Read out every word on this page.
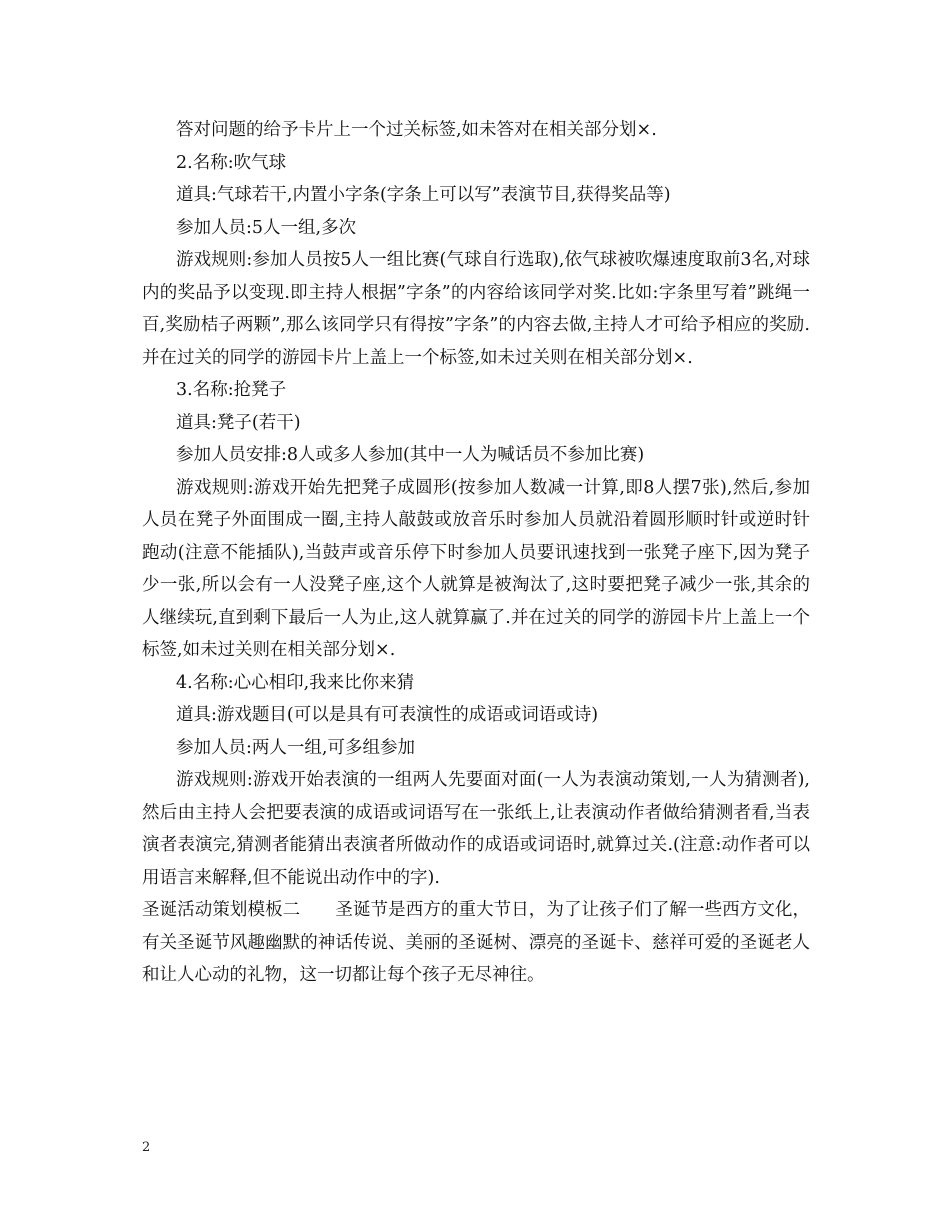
答对问题的给予卡片上一个过关标签,如未答对在相关部分划×.

2.名称:吹气球

道具:气球若干,内置小字条(字条上可以写”表演节目,获得奖品等)

参加人员:5人一组,多次

游戏规则:参加人员按5人一组比赛(气球自行选取),依气球被吹爆速度取前3名,对球内的奖品予以变现.即主持人根据”字条”的内容给该同学对奖.比如:字条里写着”跳绳一百,奖励桔子两颗”,那么该同学只有得按”字条”的内容去做,主持人才可给予相应的奖励.并在过关的同学的游园卡片上盖上一个标签,如未过关则在相关部分划×.

3.名称:抢凳子

道具:凳子(若干)

参加人员安排:8人或多人参加(其中一人为喊话员不参加比赛)

游戏规则:游戏开始先把凳子成圆形(按参加人数减一计算,即8人摆7张),然后,参加人员在凳子外面围成一圈,主持人敲鼓或放音乐时参加人员就沿着圆形顺时针或逆时针跑动(注意不能插队),当鼓声或音乐停下时参加人员要讯速找到一张凳子座下,因为凳子少一张,所以会有一人没凳子座,这个人就算是被淘汰了,这时要把凳子减少一张,其余的人继续玩,直到剩下最后一人为止,这人就算赢了.并在过关的同学的游园卡片上盖上一个标签,如未过关则在相关部分划×.

4.名称:心心相印,我来比你来猜

道具:游戏题目(可以是具有可表演性的成语或词语或诗)

参加人员:两人一组,可多组参加

游戏规则:游戏开始表演的一组两人先要面对面(一人为表演动策划,一人为猜测者),然后由主持人会把要表演的成语或词语写在一张纸上,让表演动作者做给猜测者看,当表演者表演完,猜测者能猜出表演者所做动作的成语或词语时,就算过关.(注意:动作者可以用语言来解释,但不能说出动作中的字).

圣诞活动策划模板二　　圣诞节是西方的重大节日，为了让孩子们了解一些西方文化，有关圣诞节风趣幽默的神话传说、美丽的圣诞树、漂亮的圣诞卡、慈祥可爱的圣诞老人和让人心动的礼物，这一切都让每个孩子无尽神往。

2
